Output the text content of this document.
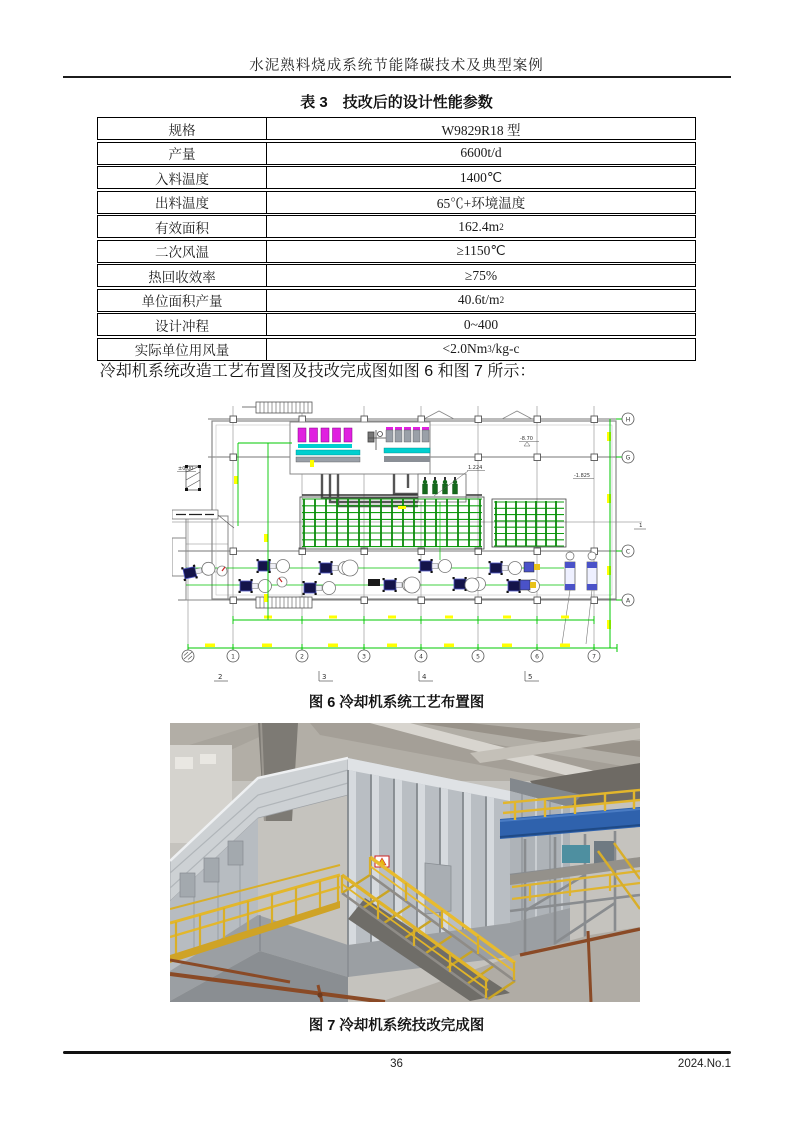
水泥熟料烧成系统节能降碳技术及典型案例
表 3　技改后的设计性能参数
规格	W9829R18 型
产量	6600t/d
入料温度	1400℃
出料温度	65℃+环境温度
有效面积	162.4m 2
二次风温	≥1150℃
热回收效率	≥75%
单位面积产量	40.6t/m 2
设计冲程	0~400
实际单位用风量	<2.0Nm 3 /kg-c
冷却机系统改造工艺布置图及技改完成图如图 6 和图 7 所示：
-8.70
1.224
-1.825
±0.00
1
H
G
C
A
1	2	3	4	5	6	7
2	3	4	5
图 6 冷却机系统工艺布置图
图 7 冷却机系统技改完成图
36	2024.No.1
